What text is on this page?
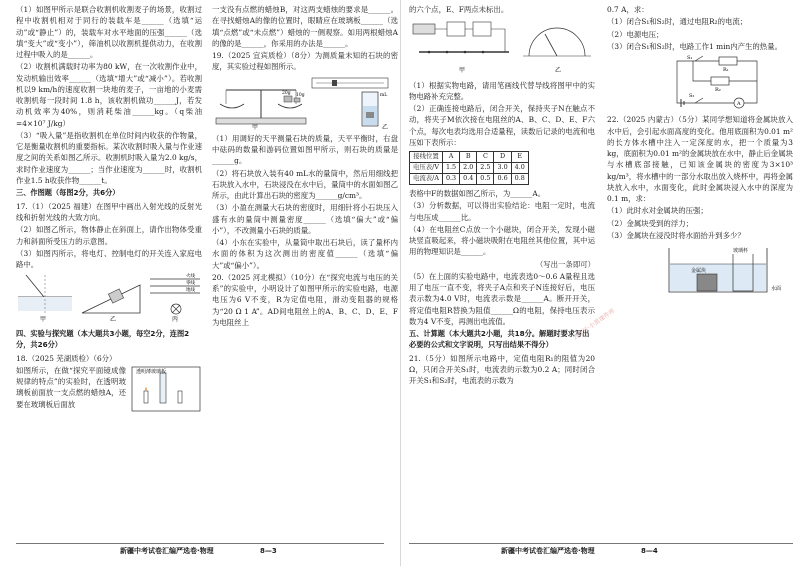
（1）如图甲所示是联合收割机收割麦子的场景，收割过程中收割机相对于同行的装载车是______（选填“运动”或“静止”）的，装载车对水平地面的压强______（选填“变大”或“变小”），筛油机以收割机提供动力，在收割过程中吸入的是______。

（2）收割机满载时功率为80 kW，在一次收割作业中，发动机输出效率______（选填“增大”或“减小”）。若收割机以9 km/h的速度收割一块地的麦子，一亩地的小麦需收割机每一段时间 1.8 h，该收割机做功______J，若发动机效率为40%，则消耗柴油______kg。（q柴油=4×10⁷ J/kg）

（3）“吸入量”是指收割机在单位时间内收获的作物量，它是衡量收割机的重要指标。某次收割时吸入量与作业速度之间的关系如图乙所示。收割机时吸入量为2.0 kg/s，求时作业速度为______；当作业速度为______时，收割机作业1.5 h收获作物______t。

三、作图题（每图2分，共6分）

17.（1）（2025 福建）在图甲中画出入射光线的反射光线和折射光线的大致方向。

（2）如图乙所示，物体静止在斜面上，请作出物体受重力和斜面所受压力的示意图。

（3）如图丙所示，将电灯、控制电灯的开关连入家庭电路中。

甲	乙	丙
火线
零线
地线
四、实验与探究题（本大题共3小题，每空2分，连图2分，共26分）

18.（2025 芜湖质检）（6分）

如图所示，在做“探究平面镜成像规律的特点”的实验时，在透明玻璃板前面放一支点燃的蜡烛A，还要在玻璃板后面放

透明薄玻璃板

一支没有点燃的蜡烛B，对这两支蜡烛的要求是______。在寻找蜡烛A的像的位置时，眼睛应在玻璃板______（选填“点燃”或“未点燃”）蜡烛的一侧观察。如用两根蜡烛A的像的是______，你采用的办法是______。

19.（2025 宜宾质检）（8分）为测质量未知的石块的密度，其实验过程如图所示。

甲	乙
20g 10g	mL

（1）用调好的天平测量石块的质量，天平平衡时，右盘中砝码的数量和游码位置如图甲所示，则石块的质量是______g。

（2）将石块放入装有40 mL水的量筒中，然后用细线把石块放入水中，石块浸没在水中后，量筒中的水面如图乙所示，由此计算出石块的密度为______g/cm³。

（3）小盈在测量大石块的密度时，用细针将小石块压入盛有水的量筒中测量密度______（选填“偏大”或“偏小”），不改测量小石块的质量。

（4）小东在实验中，从量筒中取出石块后，读了量杯内水面的体积为这次测出的密度值______（选填“偏大”或“偏小”）。

20.（2025 河北模拟）（10分）在“探究电流与电压的关系”的实验中，小明设计了如图甲所示的实验电路，电源电压为6 V不变，R为定值电阻，滑动变阻器的规格为“20 Ω 1 A”。AD间电阻丝上的A、B、C、D、E、F为电阻丝上

新疆中考试卷汇编严选卷·物理	8—3

的六个点，E、F两点未标出。

甲	乙

（1）根据实物电路，请用笔画线代替导线将图甲中的实物电路补充完整。

（2）正确连接电路后，闭合开关，保持夹子N在触点不动，将夹子M依次接在电阻丝的A、B、C、D、E、F六个点，每次电表均选用合适量程，读数后记录的电流和电压如下表所示：

接线位置	A	B	C	D	E
电压表/V	1.5	2.0	2.5	3.0	4.0
电流表/A	0.3	0.4	0.5	0.6	0.8

表格中F的数据如图乙所示，为______A。

（3）分析数据，可以得出实验结论：电阻一定时，电流与电压成______比。

（4）在电阻丝C点放一个小磁块，闭合开关，发现小磁块竖直吸起来，将小磁块吸附在电阻丝其他位置，其中运用的物理知识是______。

（写出一条即可）

（5）在上面的实验电路中，电流表选0～0.6 A量程且选用了电压一直不变，将夹子A点和夹子N连接好后，电压表示数为4.0 V时，电流表示数是______A。断开开关，将定值电阻R替换为阻值______Ω的电阻，保持电压表示数为4 V不变，再测出电流值。

五、计算题（本大题共2小题，共18分。解题时要求写出必要的公式和文字说明，只写出结果不得分）

21.（5分）如图所示电路中，定值电阻R₁的阻值为20 Ω，只闭合开关S₁时，电流表的示数为0.2 A；同时闭合开关S₁和S₂时，电流表的示数为

0.7 A，求：

（1）闭合S₁和S₂时，通过电阻R₂的电流；

（2）电源电压；

（3）闭合S₁和S₂时，电路工作1 min内产生的热量。

S₁
S₂
R₁
R₂
A

22.（2025 内蒙古）（5分）某同学想知道将金属块放入水中后，会引起水面高度的变化。他用底面积为0.01 m²的长方体水槽中注入一定深度的水，把一个质量为3 kg，底面积为0.01 m²的金属块放在水中，静止后金属块与水槽底部接触，已知该金属块的密度为3×10³ kg/m³，将水槽中的一部分水取出放入烧杯中，再将金属块放入水中，水面变化，此时金属块浸入水中的深度为0.1 m，求：

（1）此时水对金属块的压强；

（2）金属块受到的浮力；

（3）金属块在浸没时将水面抬升到多少？

金属块
玻璃杯
水面
公众号·小黑课件库
新疆中考试卷汇编严选卷·物理	8—4
